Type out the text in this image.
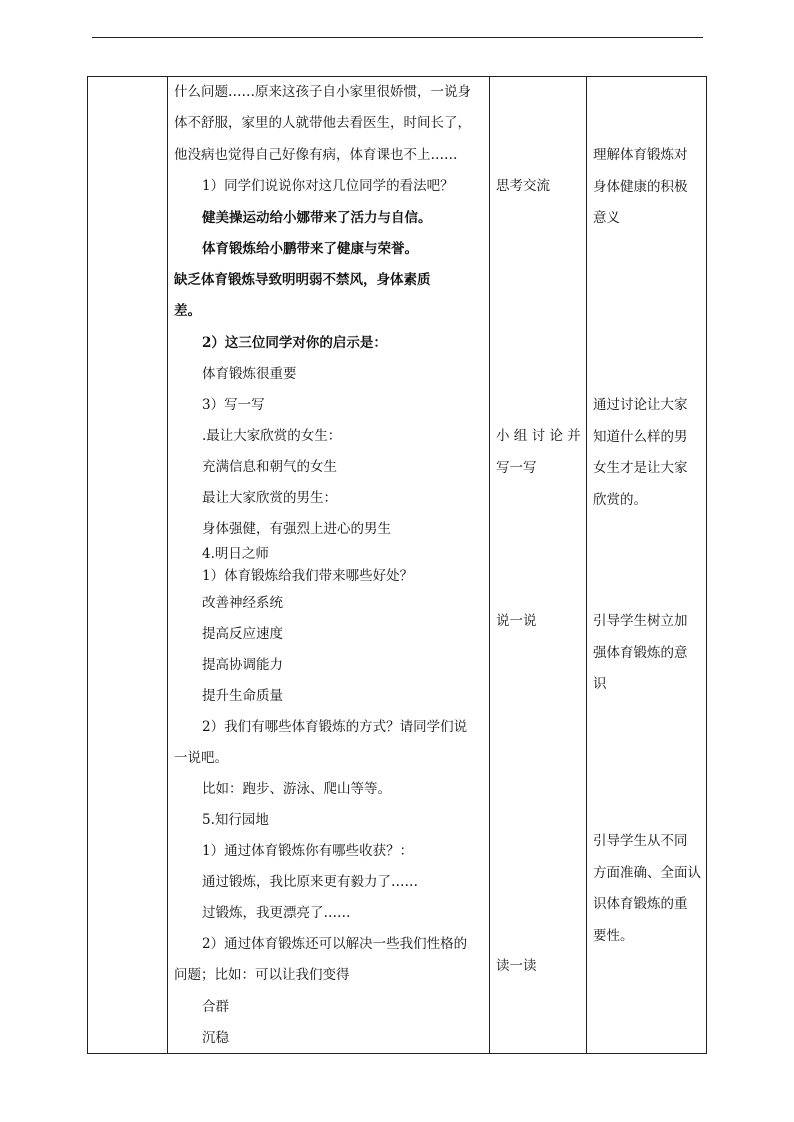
什么问题……原来这孩子自小家里很娇惯，一说身
体不舒服，家里的人就带他去看医生，时间长了，
他没病也觉得自己好像有病，体育课也不上……
1）同学们说说你对这几位同学的看法吧？
健美操运动给小娜带来了活力与自信。
体育锻炼给小鹏带来了健康与荣誉。
缺乏体育锻炼导致明明弱不禁风，身体素质
差。
2）这三位同学对你的启示是：
体育锻炼很重要
3）写一写
.最让大家欣赏的女生：
充满信息和朝气的女生
最让大家欣赏的男生：
身体强健，有强烈上进心的男生
4.明日之师
1）体育锻炼给我们带来哪些好处？
改善神经系统
提高反应速度
提高协调能力
提升生命质量
2）我们有哪些体育锻炼的方式？请同学们说
一说吧。
比如：跑步、游泳、爬山等等。
5.知行园地
1）通过体育锻炼你有哪些收获？：
通过锻炼，我比原来更有毅力了……
过锻炼，我更漂亮了……
2）通过体育锻炼还可以解决一些我们性格的
问题；比如：可以让我们变得
合群
沉稳
思考交流
小 组 讨 论 并
写一写
说一说
读一读
理解体育锻炼对
身体健康的积极
意义
通过讨论让大家
知道什么样的男
女生才是让大家
欣赏的。
引导学生树立加
强体育锻炼的意
识
引导学生从不同
方面准确、全面认
识体育锻炼的重
要性。
